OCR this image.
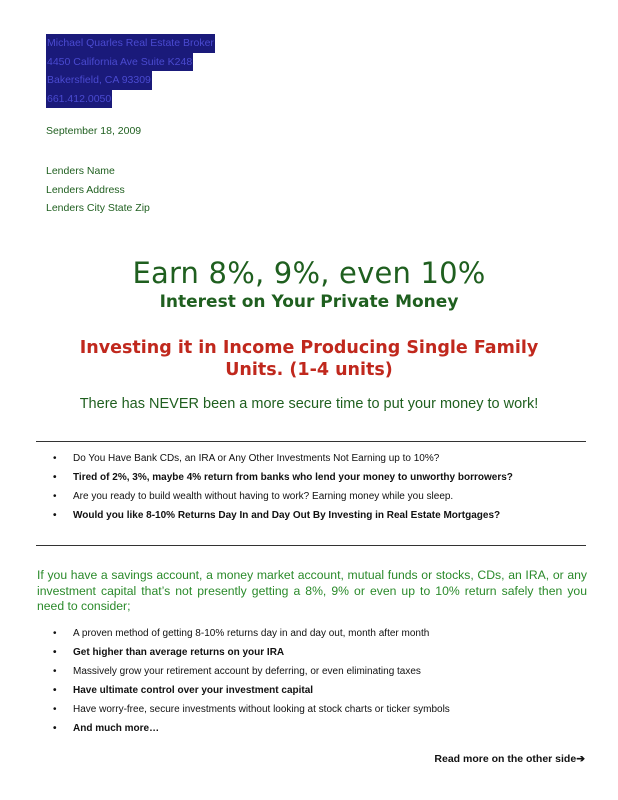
Michael Quarles Real Estate Broker
4450 California Ave Suite K248
Bakersfield, CA 93309
661.412.0050
September 18, 2009
Lenders Name
Lenders Address
Lenders City State Zip
Earn 8%, 9%, even 10%
Interest on Your Private Money
Investing it in Income Producing Single Family
Units. (1-4 units)
There has NEVER been a more secure time to put your money to work!
• Do You Have Bank CDs, an IRA or Any Other Investments Not Earning up to 10%?
• Tired of 2%, 3%, maybe 4% return from banks who lend your money to unworthy borrowers?
• Are you ready to build wealth without having to work? Earning money while you sleep.
• Would you like 8-10% Returns Day In and Day Out By Investing in Real Estate Mortgages?
If you have a savings account, a money market account, mutual funds or stocks, CDs, an IRA, or any investment capital that’s not presently getting a 8%, 9% or even up to 10% return safely then you need to consider;
• A proven method of getting 8-10% returns day in and day out, month after month
• Get higher than average returns on your IRA
• Massively grow your retirement account by deferring, or even eliminating taxes
• Have ultimate control over your investment capital
• Have worry-free, secure investments without looking at stock charts or ticker symbols
• And much more…
Read more on the other side➔
